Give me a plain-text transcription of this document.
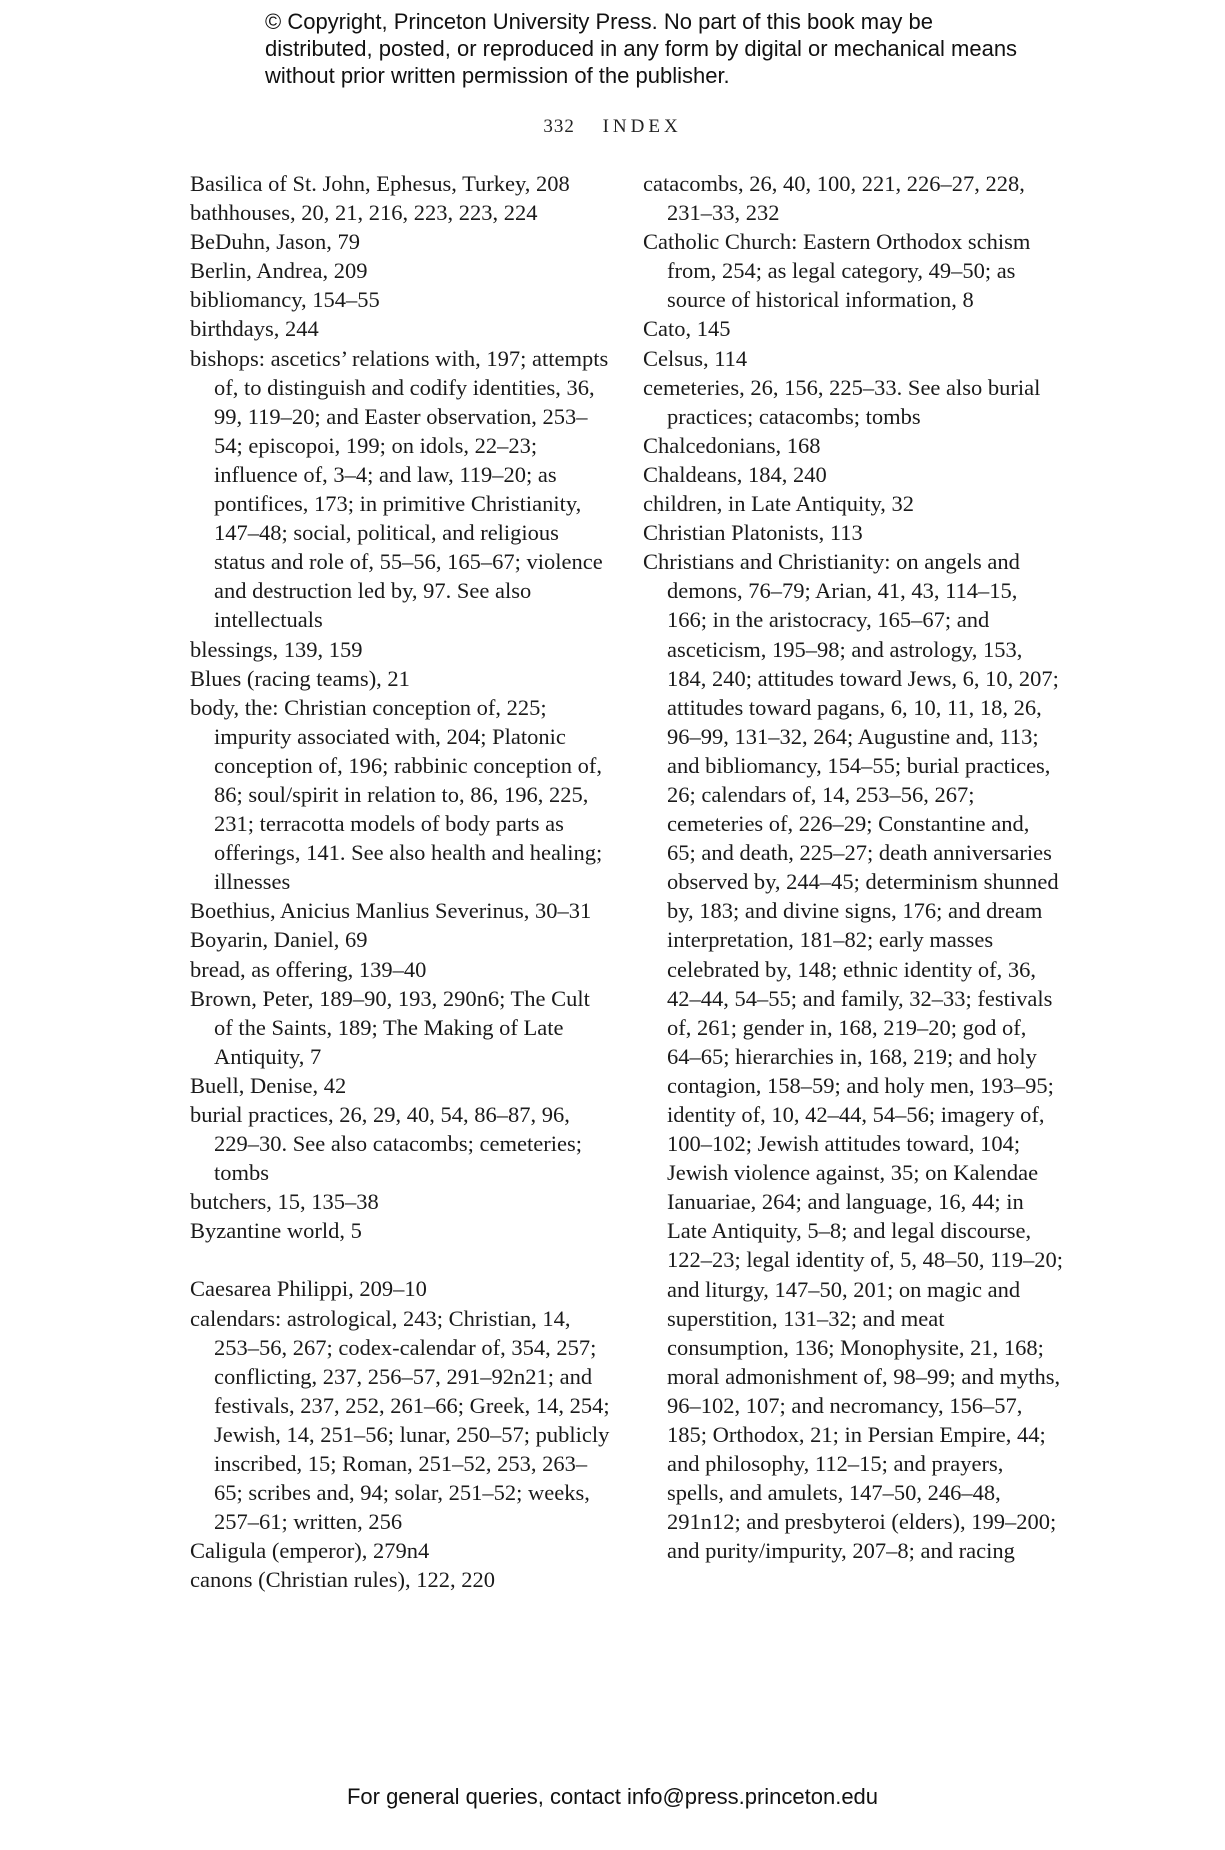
© Copyright, Princeton University Press. No part of this book may be distributed, posted, or reproduced in any form by digital or mechanical means without prior written permission of the publisher.
332 INDEX
Basilica of St. John, Ephesus, Turkey, 208
bathhouses, 20, 21, 216, 223, 223, 224
BeDuhn, Jason, 79
Berlin, Andrea, 209
bibliomancy, 154–55
birthdays, 244
bishops: ascetics’ relations with, 197; attempts of, to distinguish and codify identities, 36, 99, 119–20; and Easter observation, 253–54; episcopoi, 199; on idols, 22–23; influence of, 3–4; and law, 119–20; as pontifices, 173; in primitive Christianity, 147–48; social, political, and religious status and role of, 55–56, 165–67; violence and destruction led by, 97. See also intellectuals
blessings, 139, 159
Blues (racing teams), 21
body, the: Christian conception of, 225; impurity associated with, 204; Platonic conception of, 196; rabbinic conception of, 86; soul/spirit in relation to, 86, 196, 225, 231; terracotta models of body parts as offerings, 141. See also health and healing; illnesses
Boethius, Anicius Manlius Severinus, 30–31
Boyarin, Daniel, 69
bread, as offering, 139–40
Brown, Peter, 189–90, 193, 290n6; The Cult of the Saints, 189; The Making of Late Antiquity, 7
Buell, Denise, 42
burial practices, 26, 29, 40, 54, 86–87, 96, 229–30. See also catacombs; cemeteries; tombs
butchers, 15, 135–38
Byzantine world, 5
Caesarea Philippi, 209–10
calendars: astrological, 243; Christian, 14, 253–56, 267; codex-calendar of, 354, 257; conflicting, 237, 256–57, 291–92n21; and festivals, 237, 252, 261–66; Greek, 14, 254; Jewish, 14, 251–56; lunar, 250–57; publicly inscribed, 15; Roman, 251–52, 253, 263–65; scribes and, 94; solar, 251–52; weeks, 257–61; written, 256
Caligula (emperor), 279n4
canons (Christian rules), 122, 220
catacombs, 26, 40, 100, 221, 226–27, 228, 231–33, 232
Catholic Church: Eastern Orthodox schism from, 254; as legal category, 49–50; as source of historical information, 8
Cato, 145
Celsus, 114
cemeteries, 26, 156, 225–33. See also burial practices; catacombs; tombs
Chalcedonians, 168
Chaldeans, 184, 240
children, in Late Antiquity, 32
Christian Platonists, 113
Christians and Christianity: on angels and demons, 76–79; Arian, 41, 43, 114–15, 166; in the aristocracy, 165–67; and asceticism, 195–98; and astrology, 153, 184, 240; attitudes toward Jews, 6, 10, 207; attitudes toward pagans, 6, 10, 11, 18, 26, 96–99, 131–32, 264; Augustine and, 113; and bibliomancy, 154–55; burial practices, 26; calendars of, 14, 253–56, 267; cemeteries of, 226–29; Constantine and, 65; and death, 225–27; death anniversaries observed by, 244–45; determinism shunned by, 183; and divine signs, 176; and dream interpretation, 181–82; early masses celebrated by, 148; ethnic identity of, 36, 42–44, 54–55; and family, 32–33; festivals of, 261; gender in, 168, 219–20; god of, 64–65; hierarchies in, 168, 219; and holy contagion, 158–59; and holy men, 193–95; identity of, 10, 42–44, 54–56; imagery of, 100–102; Jewish attitudes toward, 104; Jewish violence against, 35; on Kalendae Ianuariae, 264; and language, 16, 44; in Late Antiquity, 5–8; and legal discourse, 122–23; legal identity of, 5, 48–50, 119–20; and liturgy, 147–50, 201; on magic and superstition, 131–32; and meat consumption, 136; Monophysite, 21, 168; moral admonishment of, 98–99; and myths, 96–102, 107; and necromancy, 156–57, 185; Orthodox, 21; in Persian Empire, 44; and philosophy, 112–15; and prayers, spells, and amulets, 147–50, 246–48, 291n12; and presbyteroi (elders), 199–200; and purity/impurity, 207–8; and racing
For general queries, contact info@press.princeton.edu
